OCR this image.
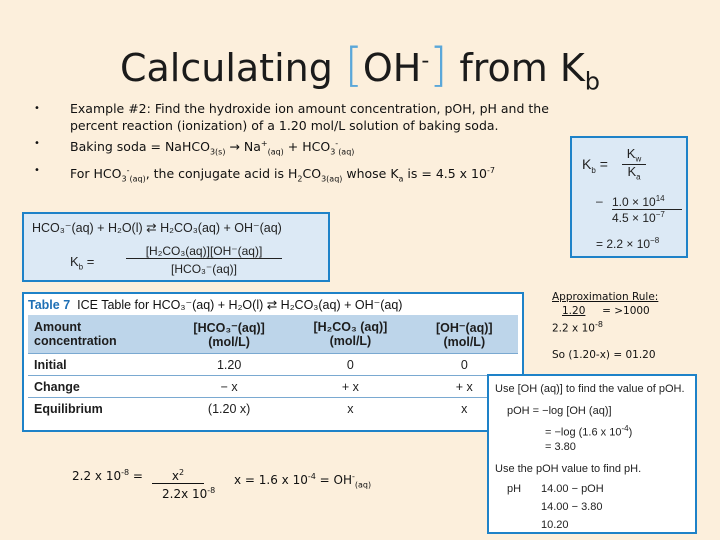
Calculating [OH-] from $K_b$
• Example #2: Find the hydroxide ion amount concentration, pOH, pH and the percent reaction (ionization) of a 1.20 mol/L solution of baking soda.
• Baking soda = NaHCO$_{3(s)}$ → $Na^+_{(aq)} + HCO_3^-_{(aq)}$
• For $HCO_3^-_{(aq)}$, the conjugate acid is $H_2CO_{3(aq)}$ whose $K_a$ is = 4.5 x $10^{-7}$	$K_b$ =
$K_w$
$K_a$
– $1.0 \times 10^{14}$
$4.5 \times 10^{-7}$
= $2.2 \times 10^{-8}$
HCO₃⁻(aq) + H₂O(l) ⇄ H₂CO₃(aq) + OH⁻(aq)
$K_b$ =
[H₂CO₃(aq)][OH⁻(aq)]
[HCO₃⁻(aq)]
Table 7 ICE Table for HCO₃⁻(aq) + H₂O(l) ⇄ H₂CO₃(aq) + OH⁻(aq)
Amount concentration	[HCO₃⁻(aq)] (mol/L)	[H₂CO₃ (aq)] (mol/L)	[OH⁻(aq)] (mol/L)
Initial	1.20	0	0
Change	− x	+ x	+ x
Equilibrium	(1.20 x)	x	x
Approximation Rule:
1.20 = >1000
2.2 x $10^{-8}$
So (1.20-x) = 01.20
2.2 x $10^{-8}$ =	$x^2$
2.2x $10^{-8}$
x = 1.6 x $10^{-4} = OH^-_{(aq)}$
Use [OH (aq)] to find the value of pOH.
pOH = −log [OH (aq)]
= −log (1.6 x $10^{-4}$)
= 3.80
Use the pOH value to find pH.
pH 14.00 − pOH
14.00 − 3.80
10.20
